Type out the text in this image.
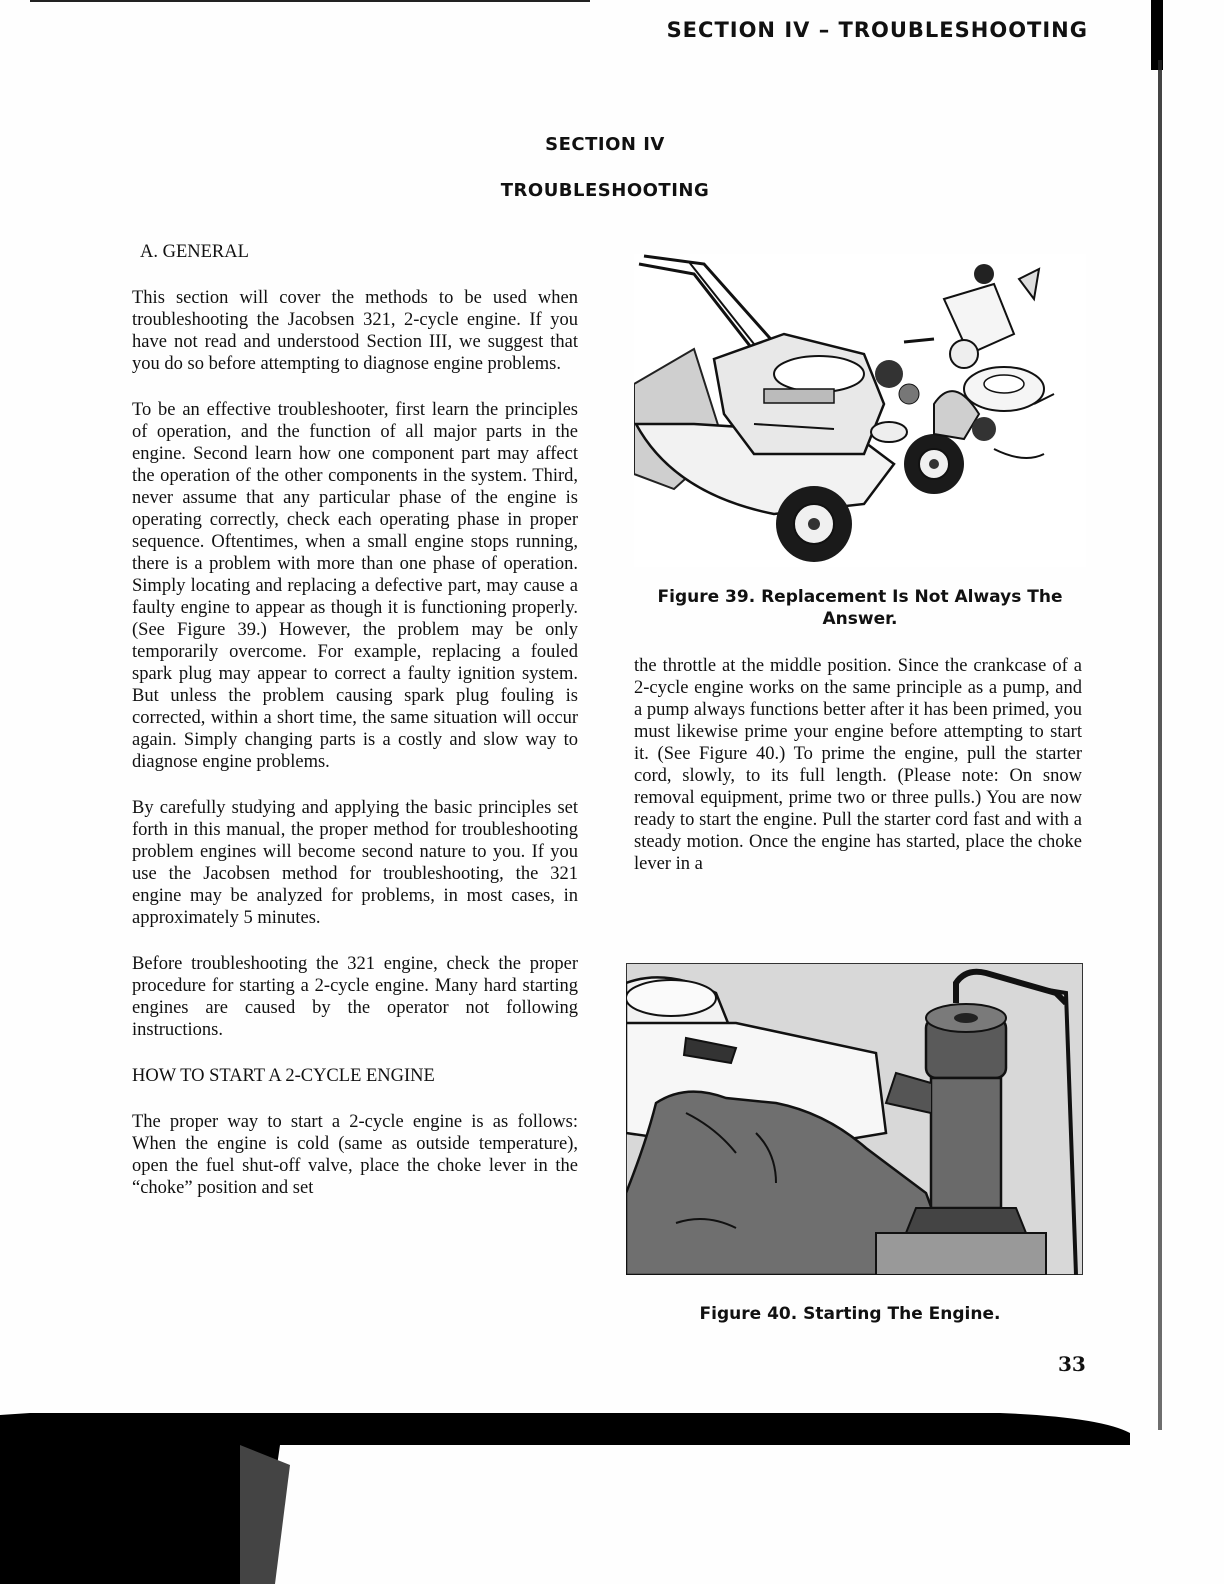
SECTION IV – TROUBLESHOOTING
SECTION IV
TROUBLESHOOTING
A. GENERAL

This section will cover the methods to be used when troubleshooting the Jacobsen 321, 2-cycle engine. If you have not read and understood Section III, we suggest that you do so before attempting to diagnose engine problems.

To be an effective troubleshooter, first learn the principles of operation, and the function of all major parts in the engine. Second learn how one component part may affect the operation of the other components in the system. Third, never assume that any particular phase of the engine is operating correctly, check each operating phase in proper sequence. Oftentimes, when a small engine stops running, there is a problem with more than one phase of operation. Simply locating and replacing a defective part, may cause a faulty engine to appear as though it is functioning properly. (See Figure 39.) However, the problem may be only temporarily overcome. For example, replacing a fouled spark plug may appear to correct a faulty ignition system. But unless the problem causing spark plug fouling is corrected, within a short time, the same situation will occur again. Simply changing parts is a costly and slow way to diagnose engine problems.

By carefully studying and applying the basic principles set forth in this manual, the proper method for troubleshooting problem engines will become second nature to you. If you use the Jacobsen method for troubleshooting, the 321 engine may be analyzed for problems, in most cases, in approximately 5 minutes.

Before troubleshooting the 321 engine, check the proper procedure for starting a 2-cycle engine. Many hard starting engines are caused by the operator not following instructions.

HOW TO START A 2-CYCLE ENGINE

The proper way to start a 2-cycle engine is as follows: When the engine is cold (same as outside temperature), open the fuel shut-off valve, place the choke lever in the “choke” position and set

Figure 39. Replacement Is Not Always The
Answer.

the throttle at the middle position. Since the crankcase of a 2-cycle engine works on the same principle as a pump, and a pump always functions better after it has been primed, you must likewise prime your engine before attempting to start it. (See Figure 40.) To prime the engine, pull the starter cord, slowly, to its full length. (Please note: On snow removal equipment, prime two or three pulls.) You are now ready to start the engine. Pull the starter cord fast and with a steady motion. Once the engine has started, place the choke lever in a

Figure 40. Starting The Engine.
33
